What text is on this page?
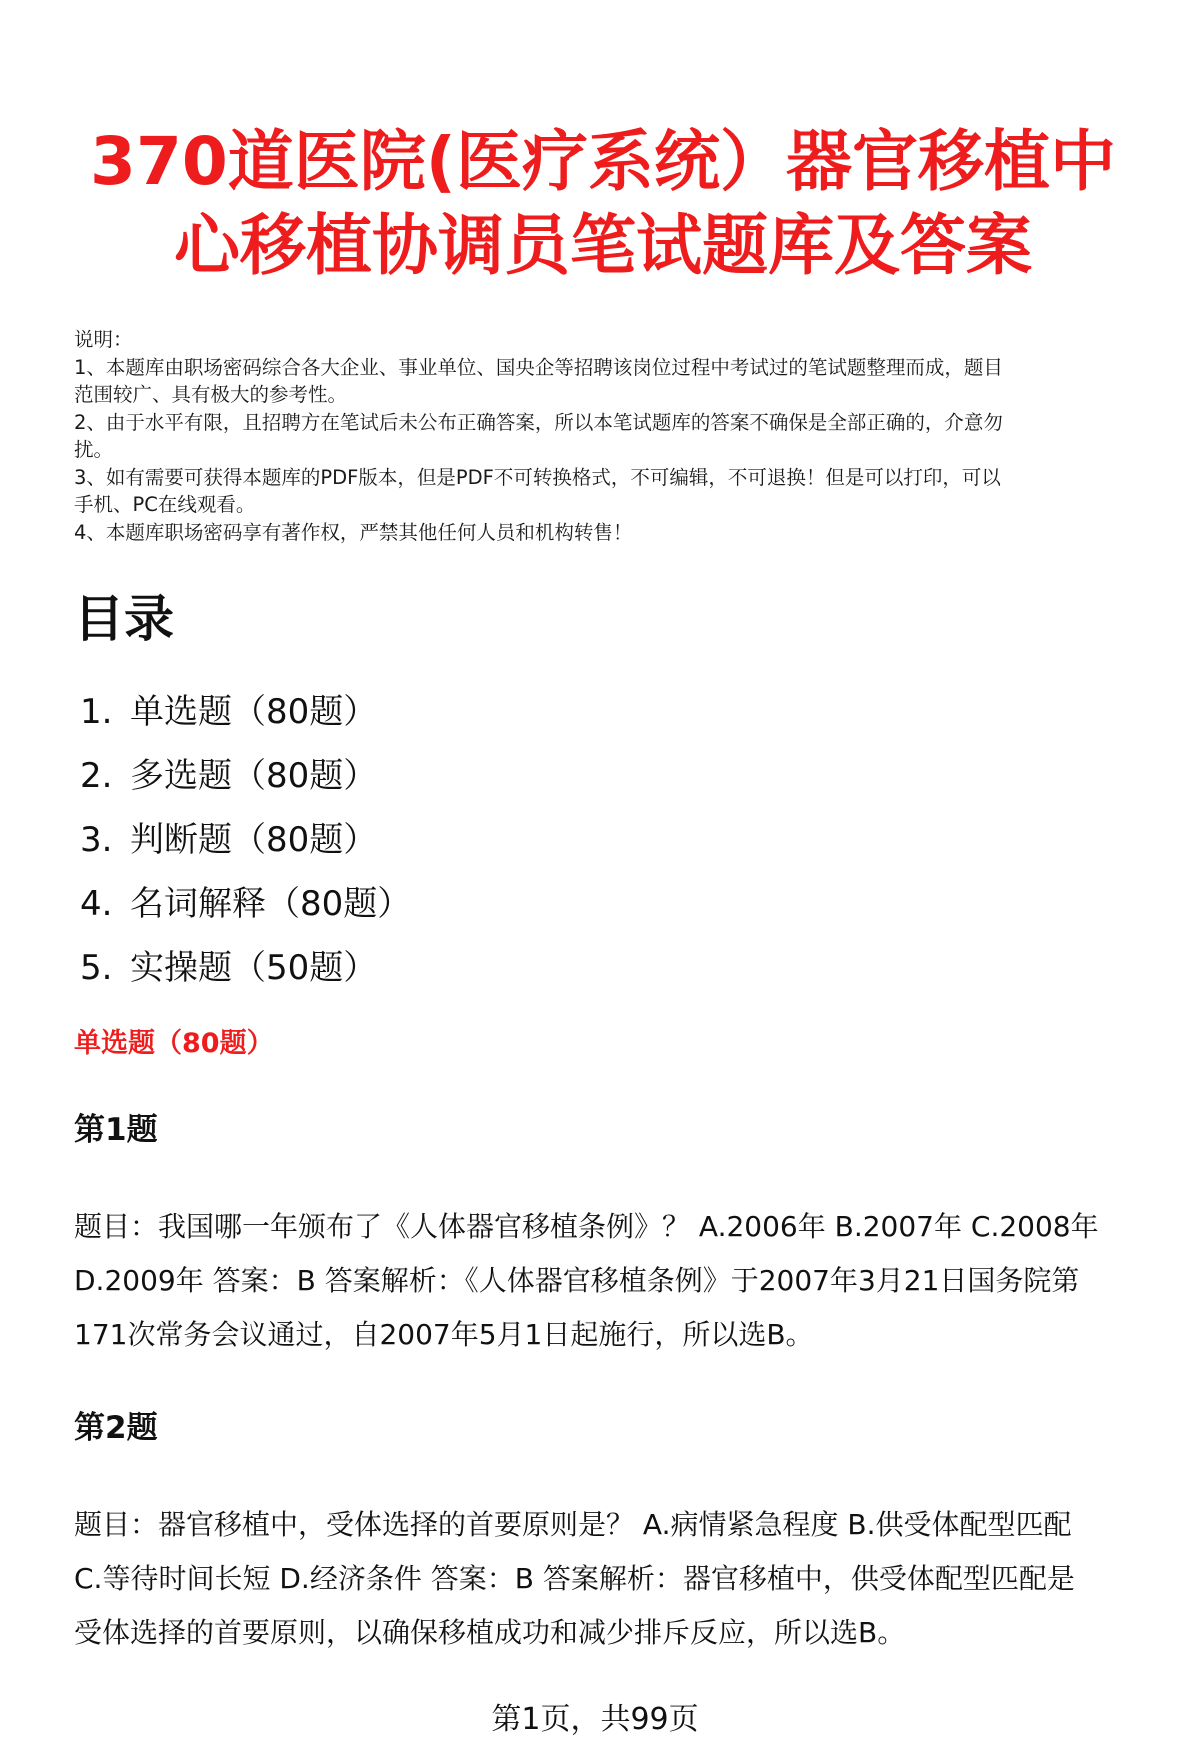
370道医院(医疗系统）器官移植中
心移植协调员笔试题库及答案
说明：
1、本题库由职场密码综合各大企业、事业单位、国央企等招聘该岗位过程中考试过的笔试题整理而成，题目
范围较广、具有极大的参考性。
2、由于水平有限，且招聘方在笔试后未公布正确答案，所以本笔试题库的答案不确保是全部正确的，介意勿
扰。
3、如有需要可获得本题库的PDF版本，但是PDF不可转换格式，不可编辑，不可退换！但是可以打印，可以
手机、PC在线观看。
4、本题库职场密码享有著作权，严禁其他任何人员和机构转售！
目录
1. 单选题（80题）
2. 多选题（80题）
3. 判断题（80题）
4. 名词解释（80题）
5. 实操题（50题）
单选题（80题）
第1题
题目：我国哪一年颁布了《人体器官移植条例》？ A.2006年 B.2007年 C.2008年
D.2009年 答案：B 答案解析：《人体器官移植条例》于2007年3月21日国务院第
171次常务会议通过，自2007年5月1日起施行，所以选B。
第2题
题目：器官移植中，受体选择的首要原则是？ A.病情紧急程度 B.供受体配型匹配
C.等待时间长短 D.经济条件 答案：B 答案解析：器官移植中，供受体配型匹配是
受体选择的首要原则，以确保移植成功和减少排斥反应，所以选B。
第1页，共99页
